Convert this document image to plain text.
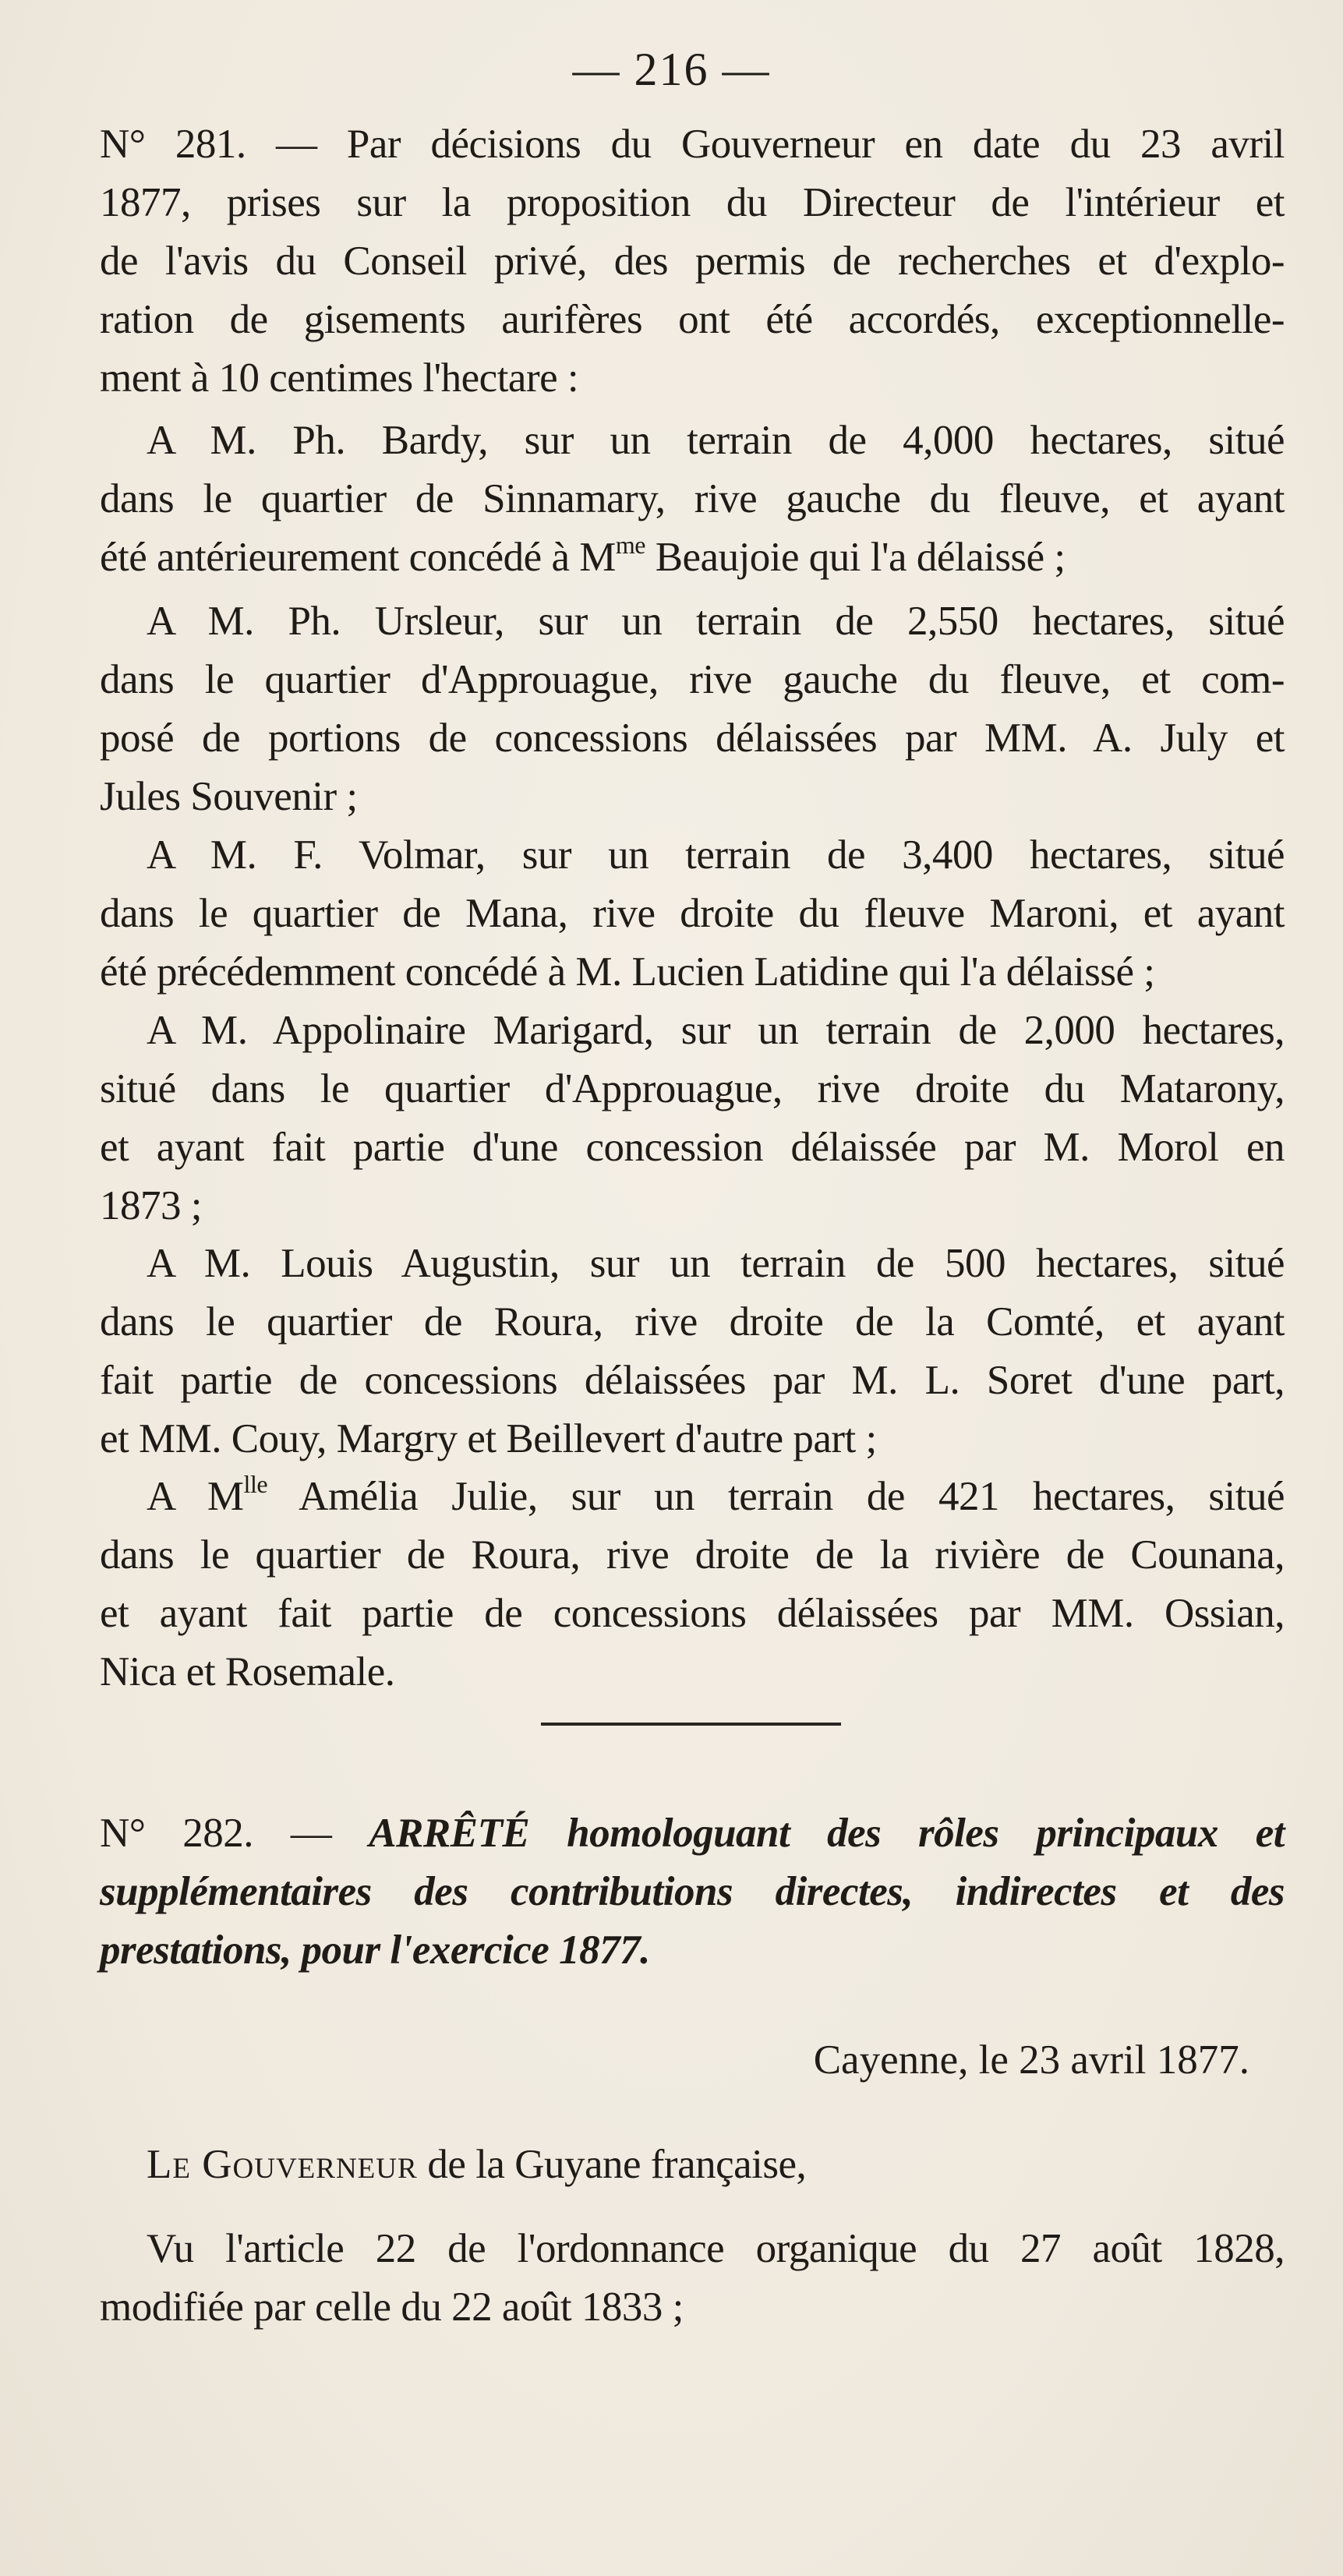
— 216 —
N° 281. — Par décisions du Gouverneur en date du 23 avril
1877, prises sur la proposition du Directeur de l'intérieur et
de l'avis du Conseil privé, des permis de recherches et d'explo-
ration de gisements aurifères ont été accordés, exceptionnelle-
ment à 10 centimes l'hectare :
A M. Ph. Bardy, sur un terrain de 4,000 hectares, situé
dans le quartier de Sinnamary, rive gauche du fleuve, et ayant
été antérieurement concédé à $M^{me}$ Beaujoie qui l'a délaissé ;
A M. Ph. Ursleur, sur un terrain de 2,550 hectares, situé
dans le quartier d'Approuague, rive gauche du fleuve, et com-
posé de portions de concessions délaissées par MM. A. July et
Jules Souvenir ;
A M. F. Volmar, sur un terrain de 3,400 hectares, situé
dans le quartier de Mana, rive droite du fleuve Maroni, et ayant
été précédemment concédé à M. Lucien Latidine qui l'a délaissé ;
A M. Appolinaire Marigard, sur un terrain de 2,000 hectares,
situé dans le quartier d'Approuague, rive droite du Matarony,
et ayant fait partie d'une concession délaissée par M. Morol en
1873 ;
A M. Louis Augustin, sur un terrain de 500 hectares, situé
dans le quartier de Roura, rive droite de la Comté, et ayant
fait partie de concessions délaissées par M. L. Soret d'une part,
et MM. Couy, Margry et Beillevert d'autre part ;
A $M^{lle}$ Amélia Julie, sur un terrain de 421 hectares, situé
dans le quartier de Roura, rive droite de la rivière de Counana,
et ayant fait partie de concessions délaissées par MM. Ossian,
Nica et Rosemale.
N° 282. — ARRÊTÉ homologuant des rôles principaux et
supplémentaires des contributions directes, indirectes et des
prestations, pour l'exercice 1877.
Cayenne, le 23 avril 1877.
Le Gouverneur de la Guyane française,
Vu l'article 22 de l'ordonnance organique du 27 août 1828,
modifiée par celle du 22 août 1833 ;
